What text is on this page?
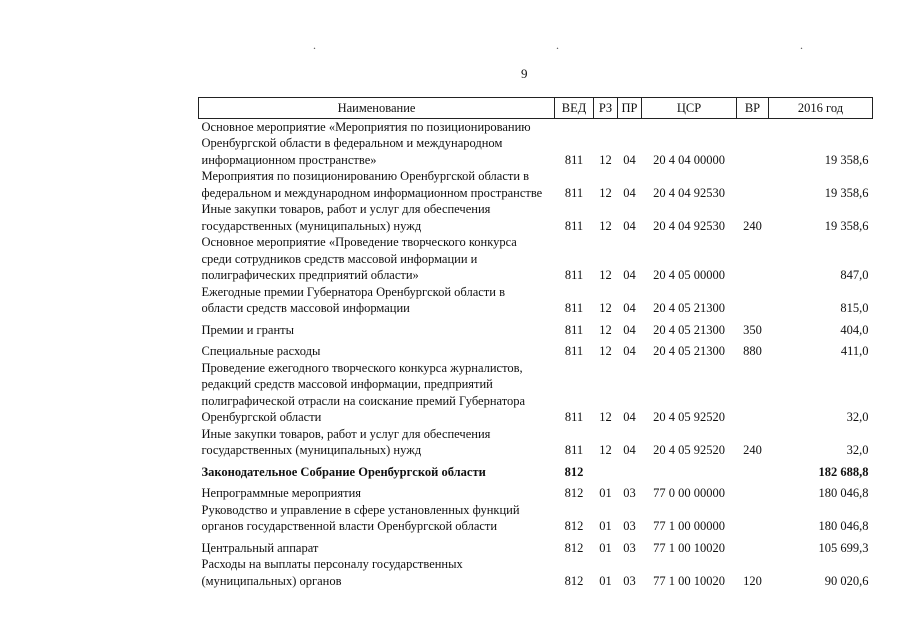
.	.	.
9
Наименование	ВЕД	РЗ	ПР	ЦСР	ВР	2016 год
Основное мероприятие «Мероприятия по позиционированию Оренбургской области в федеральном и международном информационном пространстве»	811	12	04	20 4 04 00000		19 358,6
Мероприятия по позиционированию Оренбургской области в федеральном и международном информационном пространстве	811	12	04	20 4 04 92530		19 358,6
Иные закупки товаров, работ и услуг для обеспечения государственных (муниципальных) нужд	811	12	04	20 4 04 92530	240	19 358,6
Основное мероприятие «Проведение творческого конкурса среди сотрудников средств массовой информации и полиграфических предприятий области»	811	12	04	20 4 05 00000		847,0
Ежегодные премии Губернатора Оренбургской области в области средств массовой информации	811	12	04	20 4 05 21300		815,0
Премии и гранты	811	12	04	20 4 05 21300	350	404,0
Специальные расходы	811	12	04	20 4 05 21300	880	411,0
Проведение ежегодного творческого конкурса журналистов, редакций средств массовой информации, предприятий полиграфической отрасли на соискание премий Губернатора Оренбургской области	811	12	04	20 4 05 92520		32,0
Иные закупки товаров, работ и услуг для обеспечения государственных (муниципальных) нужд	811	12	04	20 4 05 92520	240	32,0
Законодательное Собрание Оренбургской области	812					182 688,8
Непрограммные мероприятия	812	01	03	77 0 00 00000		180 046,8
Руководство и управление в сфере установленных функций органов государственной власти Оренбургской области	812	01	03	77 1 00 00000		180 046,8
Центральный аппарат	812	01	03	77 1 00 10020		105 699,3
Расходы на выплаты персоналу государственных (муниципальных) органов	812	01	03	77 1 00 10020	120	90 020,6
